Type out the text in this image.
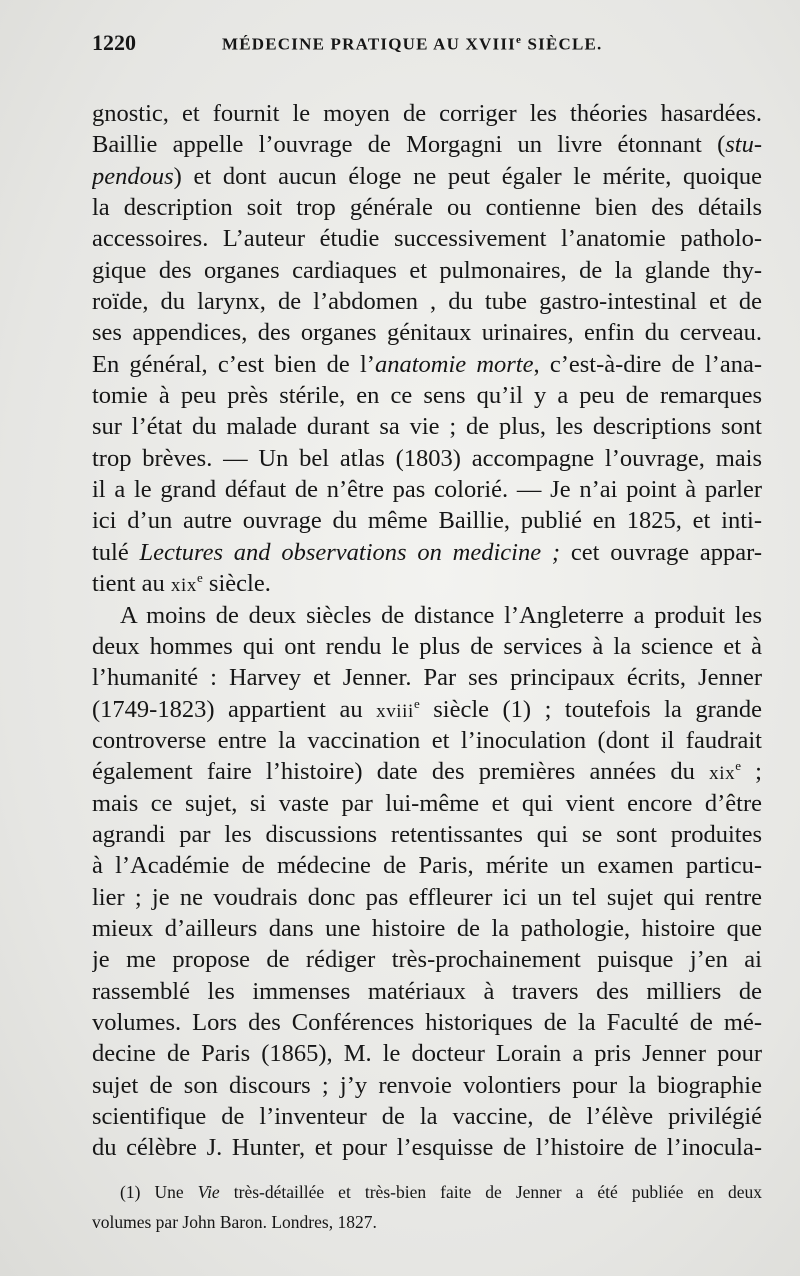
1220	MÉDECINE PRATIQUE AU XVIIIe SIÈCLE.
gnostic, et fournit le moyen de corriger les théories hasardées.
Baillie appelle l’ouvrage de Morgagni un livre étonnant (stu-
pendous) et dont aucun éloge ne peut égaler le mérite, quoique
la description soit trop générale ou contienne bien des détails
accessoires. L’auteur étudie successivement l’anatomie patholo-
gique des organes cardiaques et pulmonaires, de la glande thy-
roïde, du larynx, de l’abdomen , du tube gastro-intestinal et de
ses appendices, des organes génitaux urinaires, enfin du cerveau.
En général, c’est bien de l’anatomie morte, c’est-à-dire de l’ana-
tomie à peu près stérile, en ce sens qu’il y a peu de remarques
sur l’état du malade durant sa vie ; de plus, les descriptions sont
trop brèves. — Un bel atlas (1803) accompagne l’ouvrage, mais
il a le grand défaut de n’être pas colorié. — Je n’ai point à parler
ici d’un autre ouvrage du même Baillie, publié en 1825, et inti-
tulé Lectures and observations on medicine ; cet ouvrage appar-
tient au xix$^e$ siècle.
A moins de deux siècles de distance l’Angleterre a produit les
deux hommes qui ont rendu le plus de services à la science et à
l’humanité : Harvey et Jenner. Par ses principaux écrits, Jenner
(1749-1823) appartient au xviii$^e$ siècle (1) ; toutefois la grande
controverse entre la vaccination et l’inoculation (dont il faudrait
également faire l’histoire) date des premières années du xix$^e$ ;
mais ce sujet, si vaste par lui-même et qui vient encore d’être
agrandi par les discussions retentissantes qui se sont produites
à l’Académie de médecine de Paris, mérite un examen particu-
lier ; je ne voudrais donc pas effleurer ici un tel sujet qui rentre
mieux d’ailleurs dans une histoire de la pathologie, histoire que
je me propose de rédiger très-prochainement puisque j’en ai
rassemblé les immenses matériaux à travers des milliers de
volumes. Lors des Conférences historiques de la Faculté de mé-
decine de Paris (1865), M. le docteur Lorain a pris Jenner pour
sujet de son discours ; j’y renvoie volontiers pour la biographie
scientifique de l’inventeur de la vaccine, de l’élève privilégié
du célèbre J. Hunter, et pour l’esquisse de l’histoire de l’inocula-
(1) Une Vie très-détaillée et très-bien faite de Jenner a été publiée en deux
volumes par John Baron. Londres, 1827.
